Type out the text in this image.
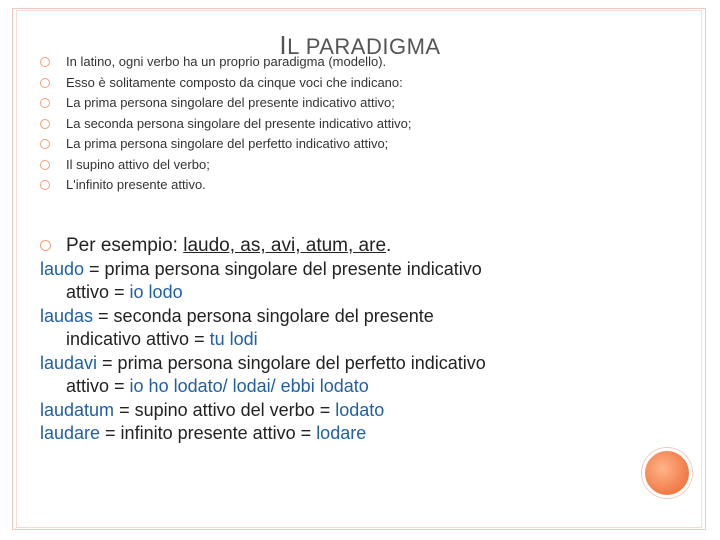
IL PARADIGMA
In latino, ogni verbo ha un proprio paradigma (modello).
Esso è solitamente composto da cinque voci che indicano:
La prima persona singolare del presente indicativo attivo;
La seconda persona singolare del presente indicativo attivo;
La prima persona singolare del perfetto indicativo attivo;
Il supino attivo del verbo;
L'infinito presente attivo.
Per esempio: laudo, as, avi, atum, are.
laudo = prima persona singolare del presente indicativo
attivo = io lodo
laudas = seconda persona singolare del presente
indicativo attivo = tu lodi
laudavi = prima persona singolare del perfetto indicativo
attivo = io ho lodato/ lodai/ ebbi lodato
laudatum = supino attivo del verbo = lodato
laudare = infinito presente attivo = lodare
